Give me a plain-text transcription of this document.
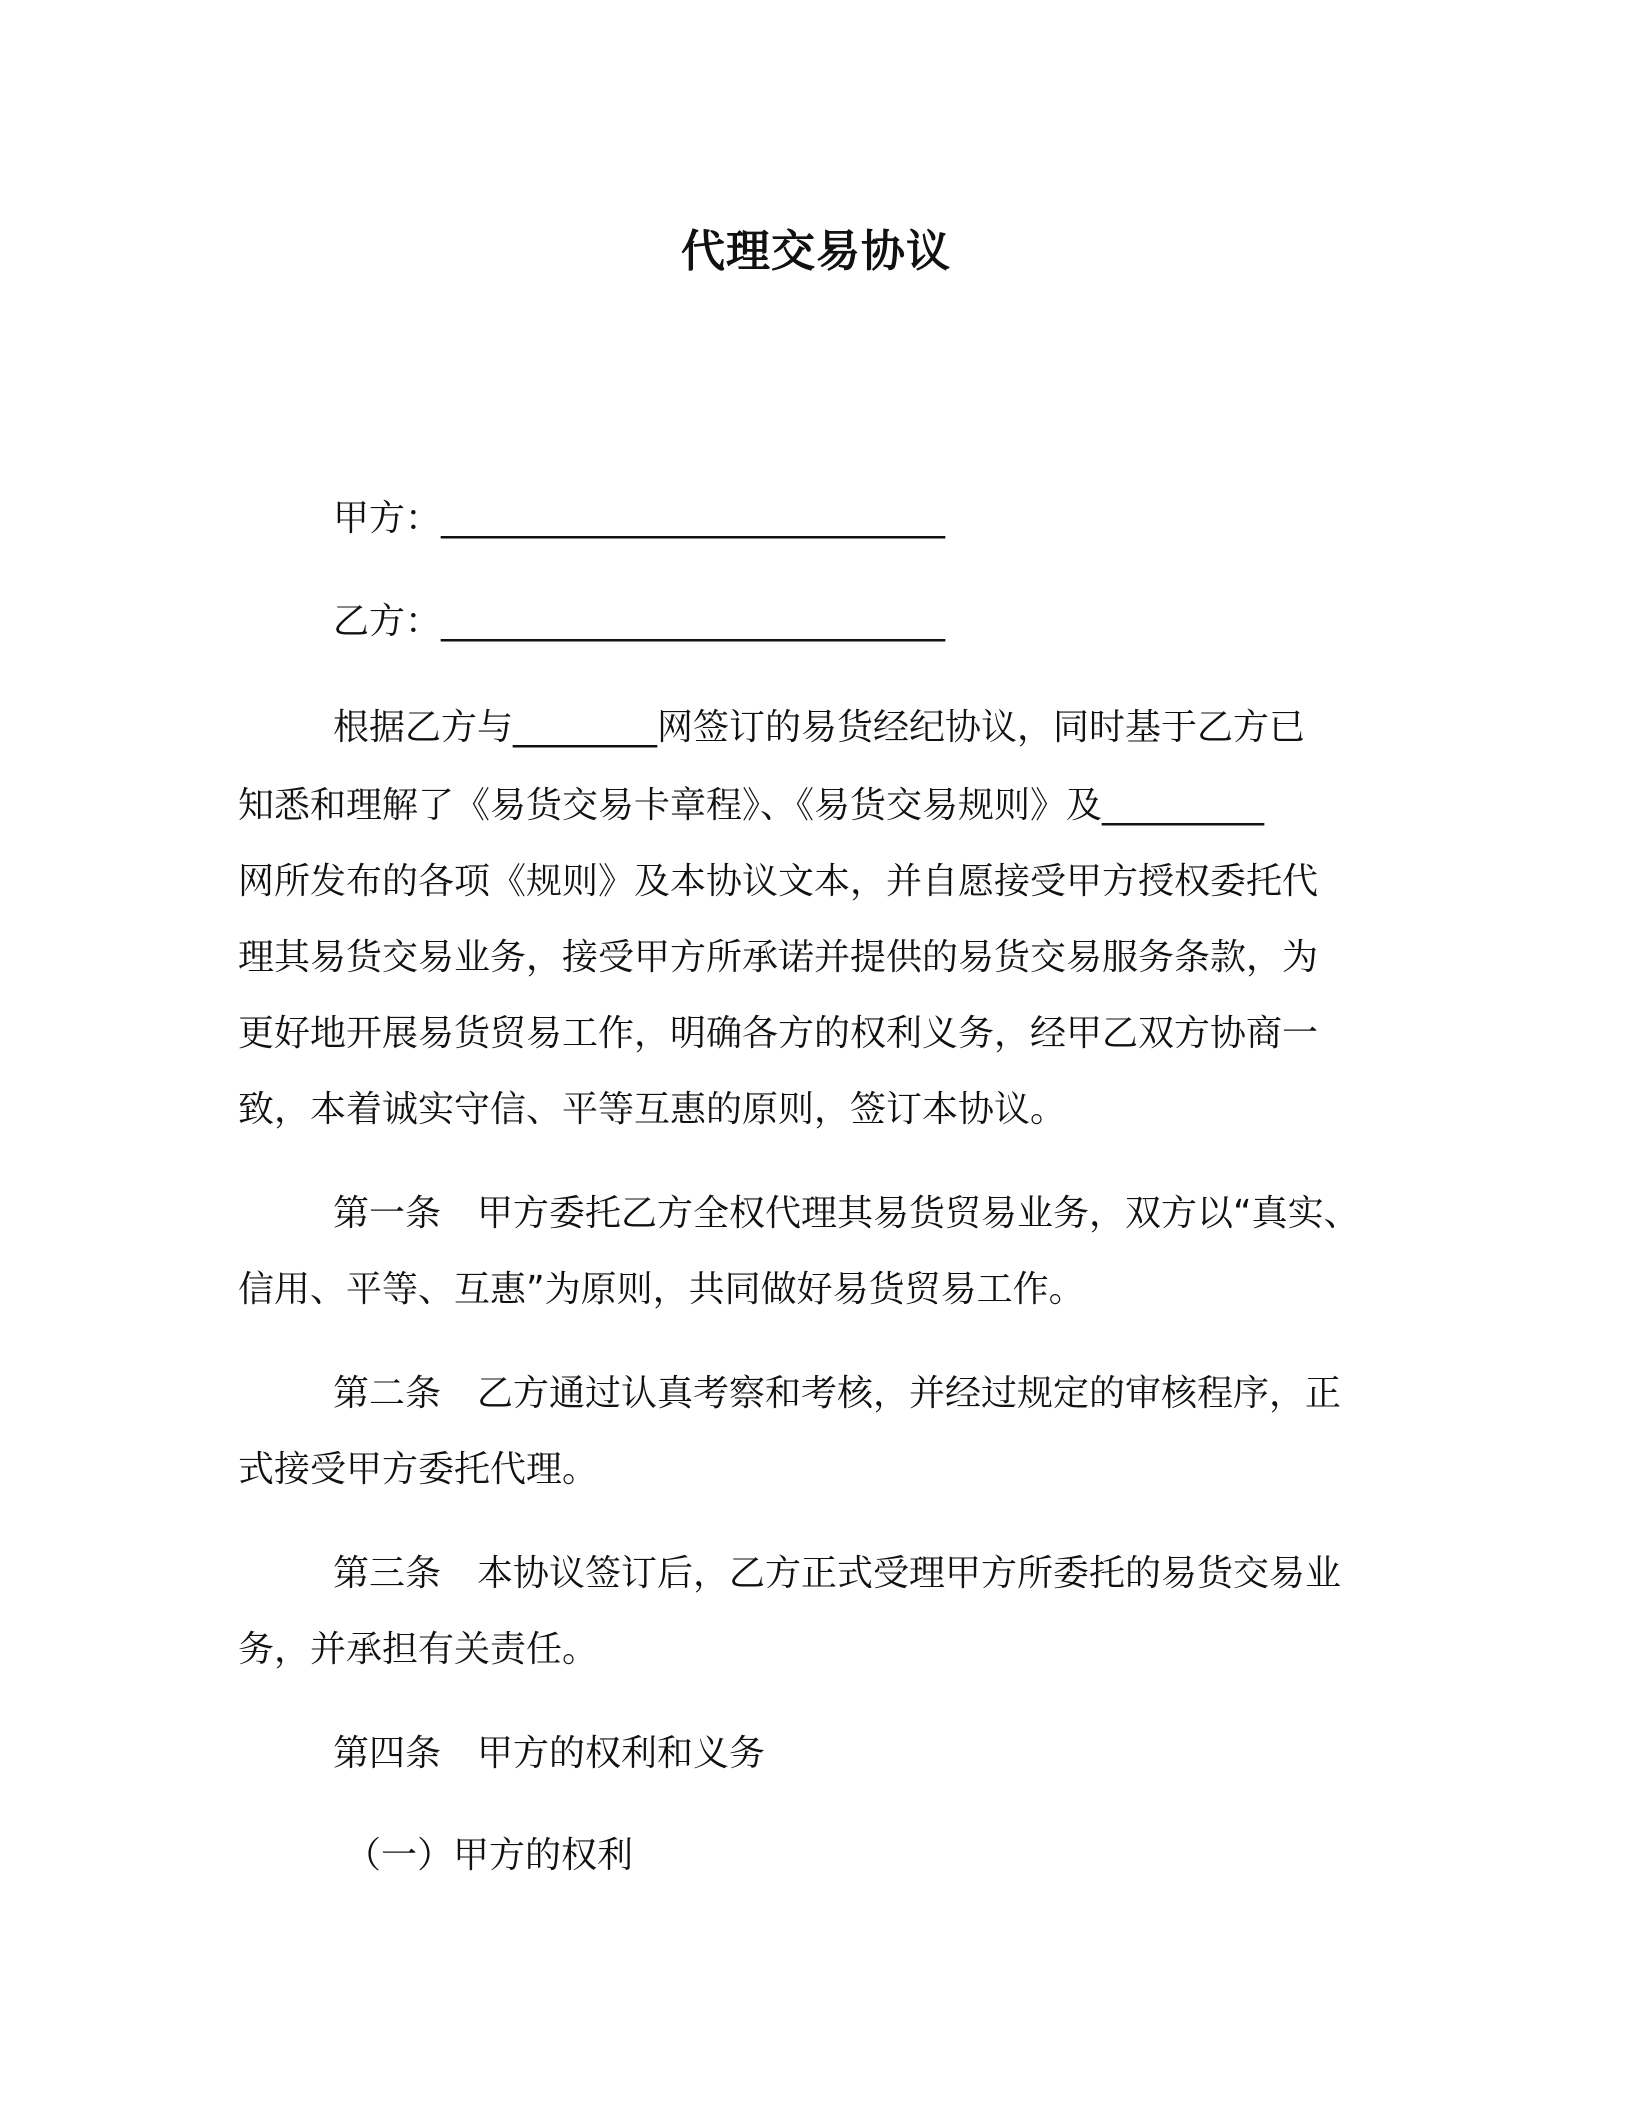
代理交易协议
甲方：____________________________
乙方：____________________________
根据乙方与________网签订的易货经纪协议，同时基于乙方已
知悉和理解了《易货交易卡章程》、《易货交易规则》及_________
网所发布的各项《规则》及本协议文本，并自愿接受甲方授权委托代
理其易货交易业务，接受甲方所承诺并提供的易货交易服务条款，为
更好地开展易货贸易工作，明确各方的权利义务，经甲乙双方协商一
致，本着诚实守信、平等互惠的原则，签订本协议。
第一条　甲方委托乙方全权代理其易货贸易业务，双方以“真实、
信用、平等、互惠”为原则，共同做好易货贸易工作。
第二条　乙方通过认真考察和考核，并经过规定的审核程序，正
式接受甲方委托代理。
第三条　本协议签订后，乙方正式受理甲方所委托的易货交易业
务，并承担有关责任。
第四条　甲方的权利和义务
（一）甲方的权利
